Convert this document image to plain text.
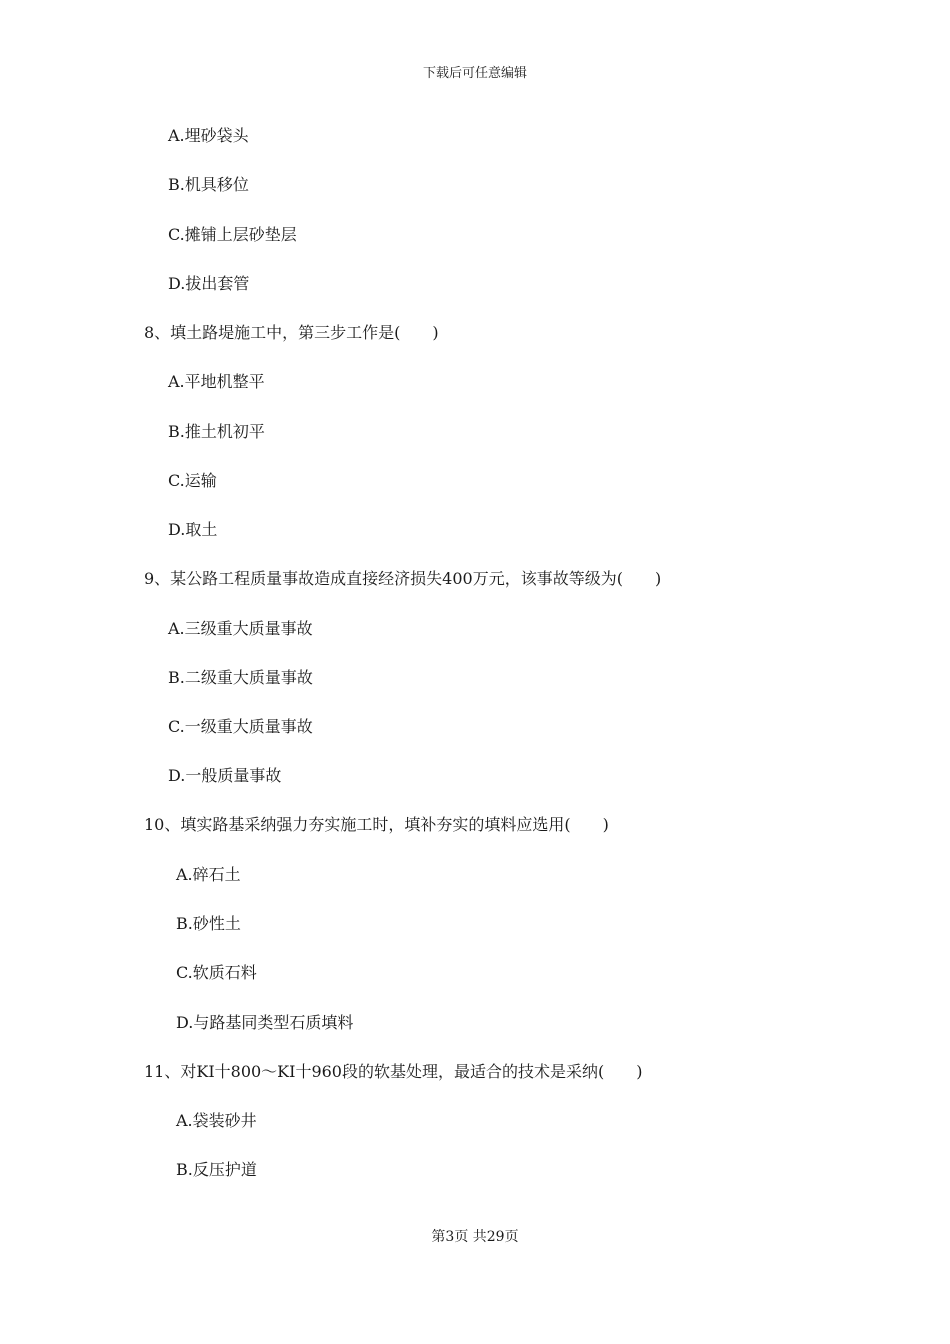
下载后可任意编辑
A.埋砂袋头
B.机具移位
C.摊铺上层砂垫层
D.拔出套管
8、填土路堤施工中，第三步工作是(　　)
A.平地机整平
B.推土机初平
C.运输
D.取土
9、某公路工程质量事故造成直接经济损失400万元，该事故等级为(　　)
A.三级重大质量事故
B.二级重大质量事故
C.一级重大质量事故
D.一般质量事故
10、填实路基采纳强力夯实施工时，填补夯实的填料应选用(　　)
A.碎石土
B.砂性土
C.软质石料
D.与路基同类型石质填料
11、对KI十800～KI十960段的软基处理，最适合的技术是采纳(　　)
A.袋装砂井
B.反压护道
第3页 共29页
